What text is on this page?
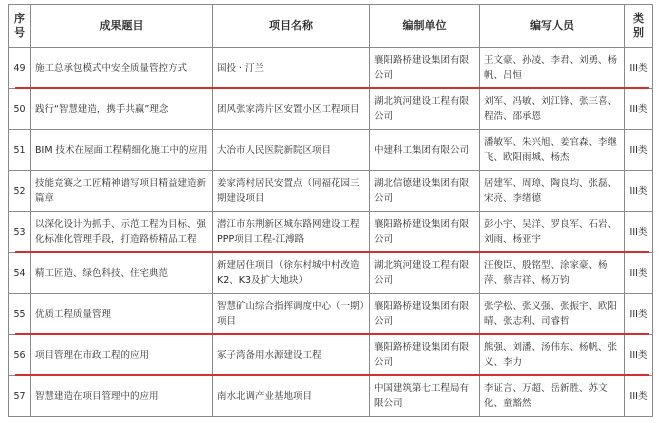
序号	成果题目	项目名称	编制单位	编写人员	类别
49	施工总承包模式中安全质量管控方式	国投 · 汀兰	襄阳路桥建设集团有限公司	王文豪、孙凌、李君、刘勇、杨帆、吕恒	III类
50	践行“智慧建造，携手共赢”理念	团风张家湾片区安置小区工程项目	湖北筑河建设工程有限公司	刘军、冯敏、刘江锋、张三喜、程浩、邵承恩	III类
51	BIM 技术在屋面工程精细化施工中的应用	大冶市人民医院新院区项目	中建科工集团有限公司	潘敏军、朱兴旭、姜官森、李继飞、欧阳雨城、杨杰	III类
52	技能竞赛之工匠精神谱写项目精益建造新篇章	姜家湾村居民安置点（同福花园三期建设项目	湖北信德建设集团有限公司	居建军、周璋、陶良均、张磊、宋亮、李绪德	III类
53	以深化设计为抓手、示范工程为目标、强化标准化管理手段，打造路桥精品工程	潜江市东荆新区城东路网建设工程PPP项目工程-江溥路	襄阳路桥建设集团有限公司	彭小宇、吴洋、罗良军、石岩、刘雨、杨亚宇	III类
54	精工匠造、绿色科技、住宅典范	新建居住项目（徐东村城中村改造K2、K3及扩大地块）	湖北筑河建设工程有限公司	汪俊臣、殷铭型、涂家豪、杨萍、蔡吉祥、杨万钧	III类
55	优质工程质量管理	智慧矿山综合指挥调度中心（一期）项目	襄阳路桥建设集团有限公司	张学松、张义强、张振宇、欧阳晴、张志利、司睿哲	III类
56	项目管理在市政工程的应用	冢子湾备用水源建设工程	襄阳路桥建设集团有限公司	熊强、刘潘、汤伟东、杨帆、张义、李力	III类
57	智慧建造在项目管理中的应用	南水北调产业基地项目	中国建筑第七工程局有限公司	李证言、万超、岳新胜、苏文化、童豁然	III类
